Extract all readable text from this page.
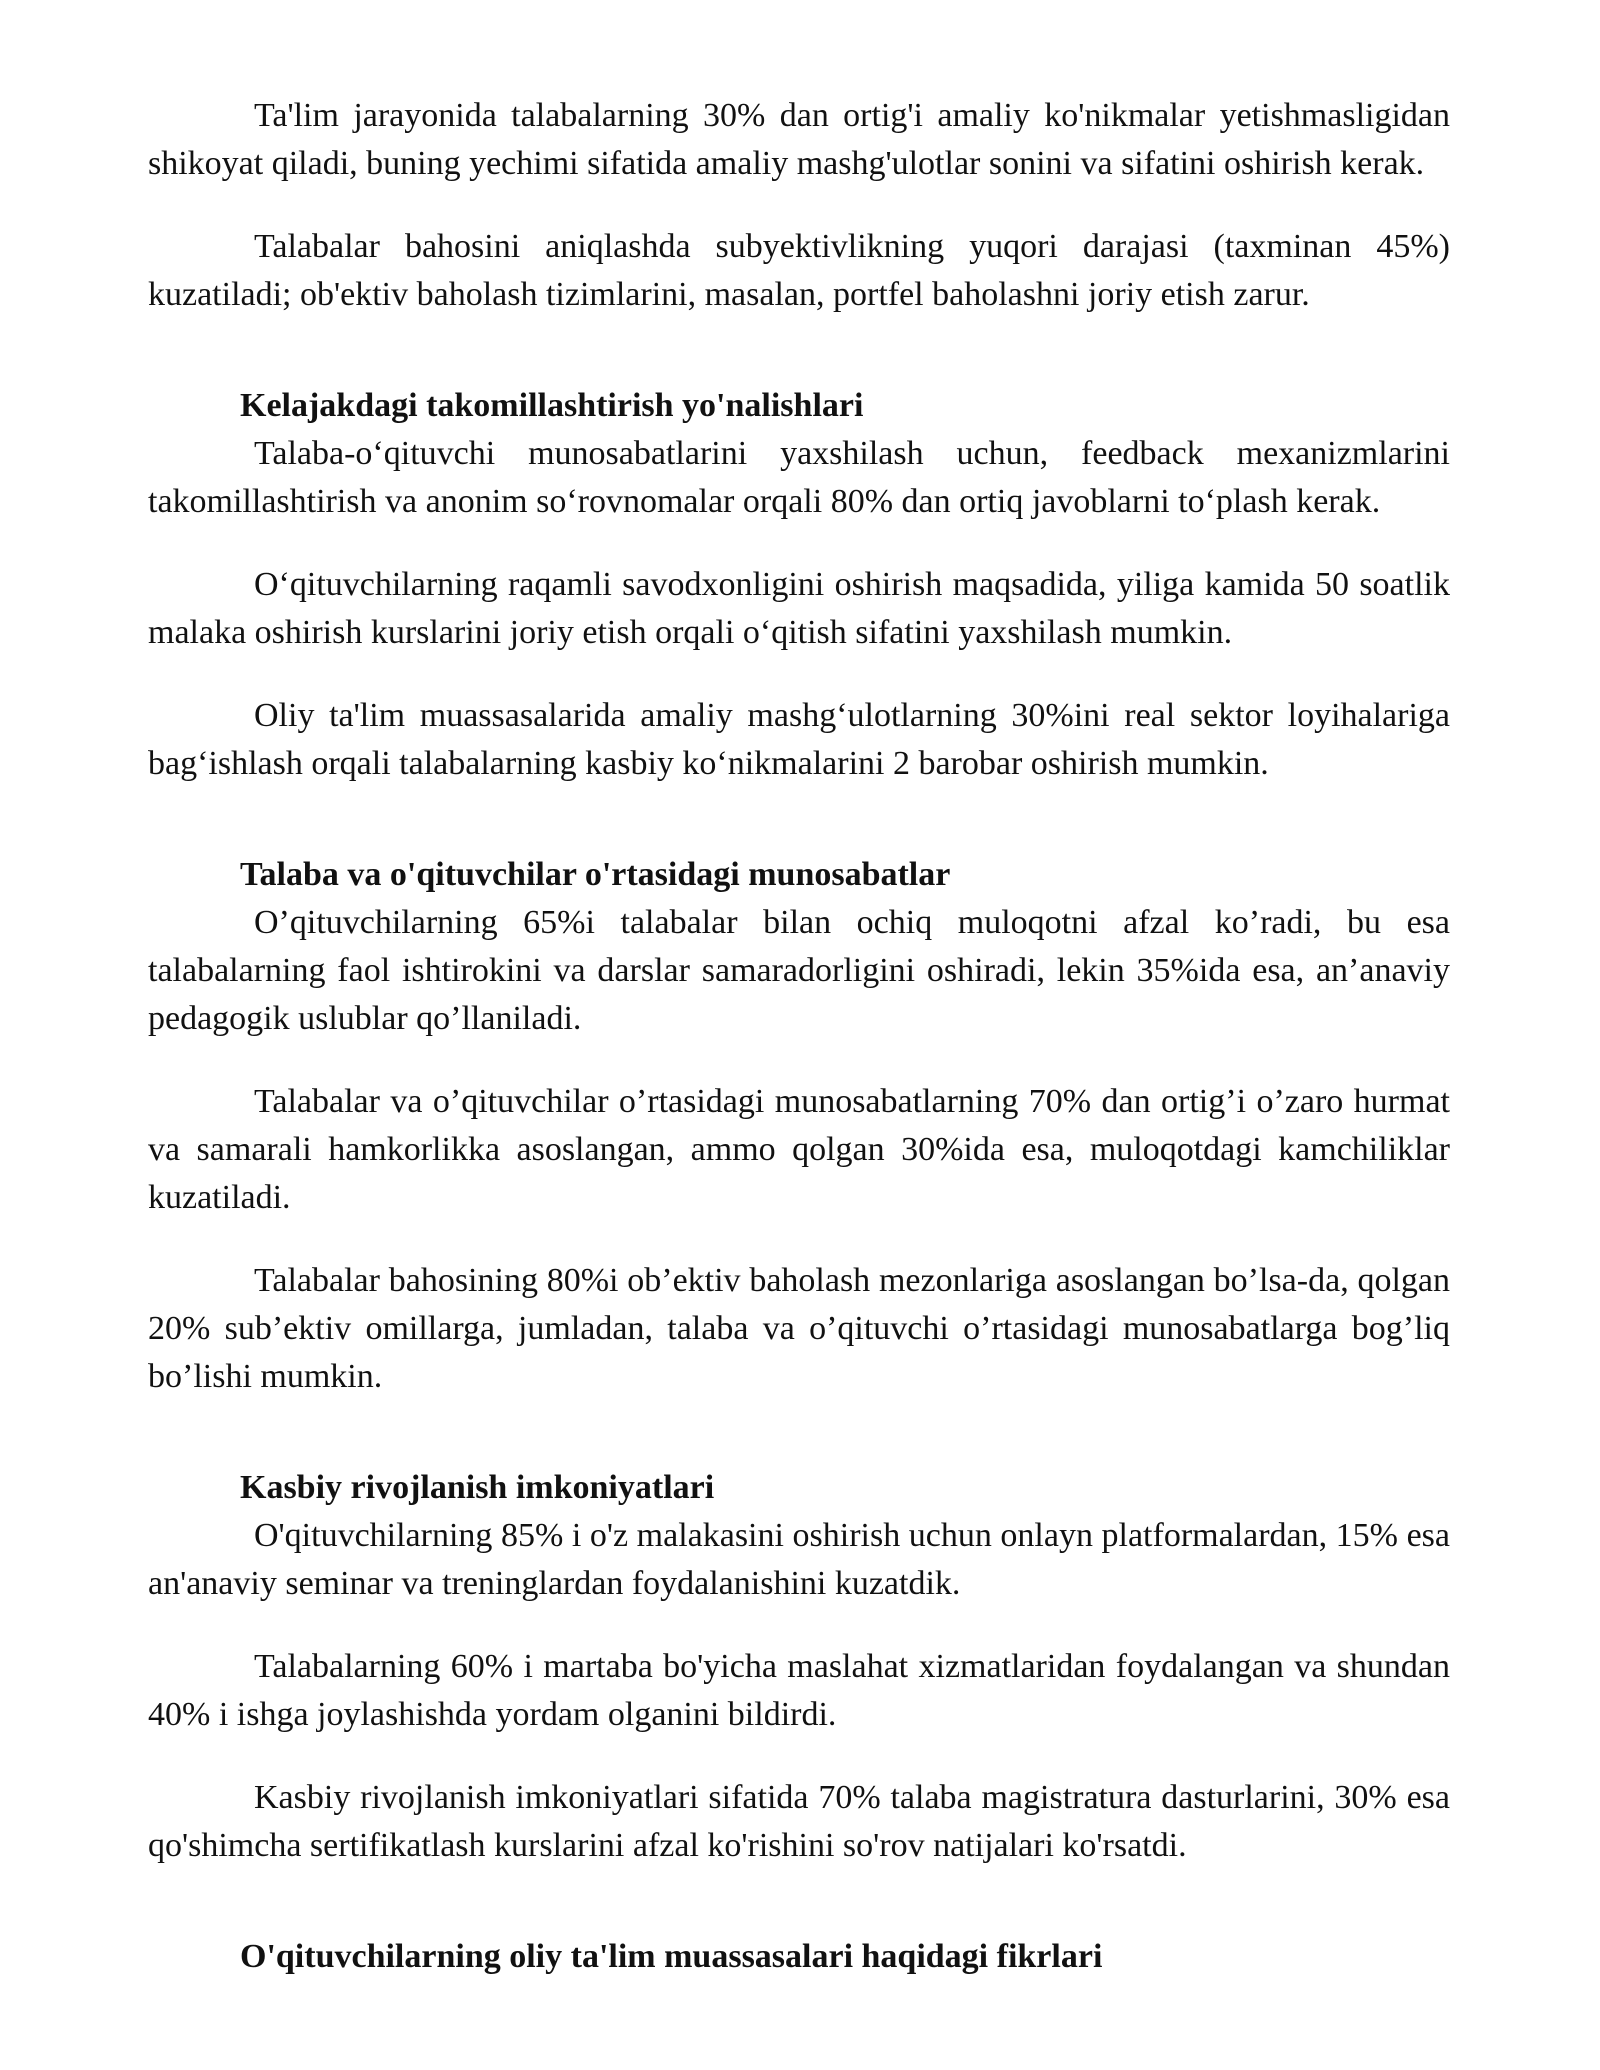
Ta'lim jarayonida talabalarning 30% dan ortig'i amaliy ko'nikmalar yetishmasligidan shikoyat qiladi, buning yechimi sifatida amaliy mashg'ulotlar sonini va sifatini oshirish kerak.

Talabalar bahosini aniqlashda subyektivlikning yuqori darajasi (taxminan 45%) kuzatiladi; ob'ektiv baholash tizimlarini, masalan, portfel baholashni joriy etish zarur.

Kelajakdagi takomillashtirish yo'nalishlari

Talaba-o‘qituvchi munosabatlarini yaxshilash uchun, feedback mexanizmlarini takomillashtirish va anonim so‘rovnomalar orqali 80% dan ortiq javoblarni to‘plash kerak.

O‘qituvchilarning raqamli savodxonligini oshirish maqsadida, yiliga kamida 50 soatlik malaka oshirish kurslarini joriy etish orqali o‘qitish sifatini yaxshilash mumkin.

Oliy ta'lim muassasalarida amaliy mashg‘ulotlarning 30%ini real sektor loyihalariga bag‘ishlash orqali talabalarning kasbiy ko‘nikmalarini 2 barobar oshirish mumkin.

Talaba va o'qituvchilar o'rtasidagi munosabatlar

O’qituvchilarning 65%i talabalar bilan ochiq muloqotni afzal ko’radi, bu esa talabalarning faol ishtirokini va darslar samaradorligini oshiradi, lekin 35%ida esa, an’anaviy pedagogik uslublar qo’llaniladi.

Talabalar va o’qituvchilar o’rtasidagi munosabatlarning 70% dan ortig’i o’zaro hurmat va samarali hamkorlikka asoslangan, ammo qolgan 30%ida esa, muloqotdagi kamchiliklar kuzatiladi.

Talabalar bahosining 80%i ob’ektiv baholash mezonlariga asoslangan bo’lsa-da, qolgan 20% sub’ektiv omillarga, jumladan, talaba va o’qituvchi o’rtasidagi munosabatlarga bog’liq bo’lishi mumkin.

Kasbiy rivojlanish imkoniyatlari

O'qituvchilarning 85% i o'z malakasini oshirish uchun onlayn platformalardan, 15% esa an'anaviy seminar va treninglardan foydalanishini kuzatdik.

Talabalarning 60% i martaba bo'yicha maslahat xizmatlaridan foydalangan va shundan 40% i ishga joylashishda yordam olganini bildirdi.

Kasbiy rivojlanish imkoniyatlari sifatida 70% talaba magistratura dasturlarini, 30% esa qo'shimcha sertifikatlash kurslarini afzal ko'rishini so'rov natijalari ko'rsatdi.

O'qituvchilarning oliy ta'lim muassasalari haqidagi fikrlari
